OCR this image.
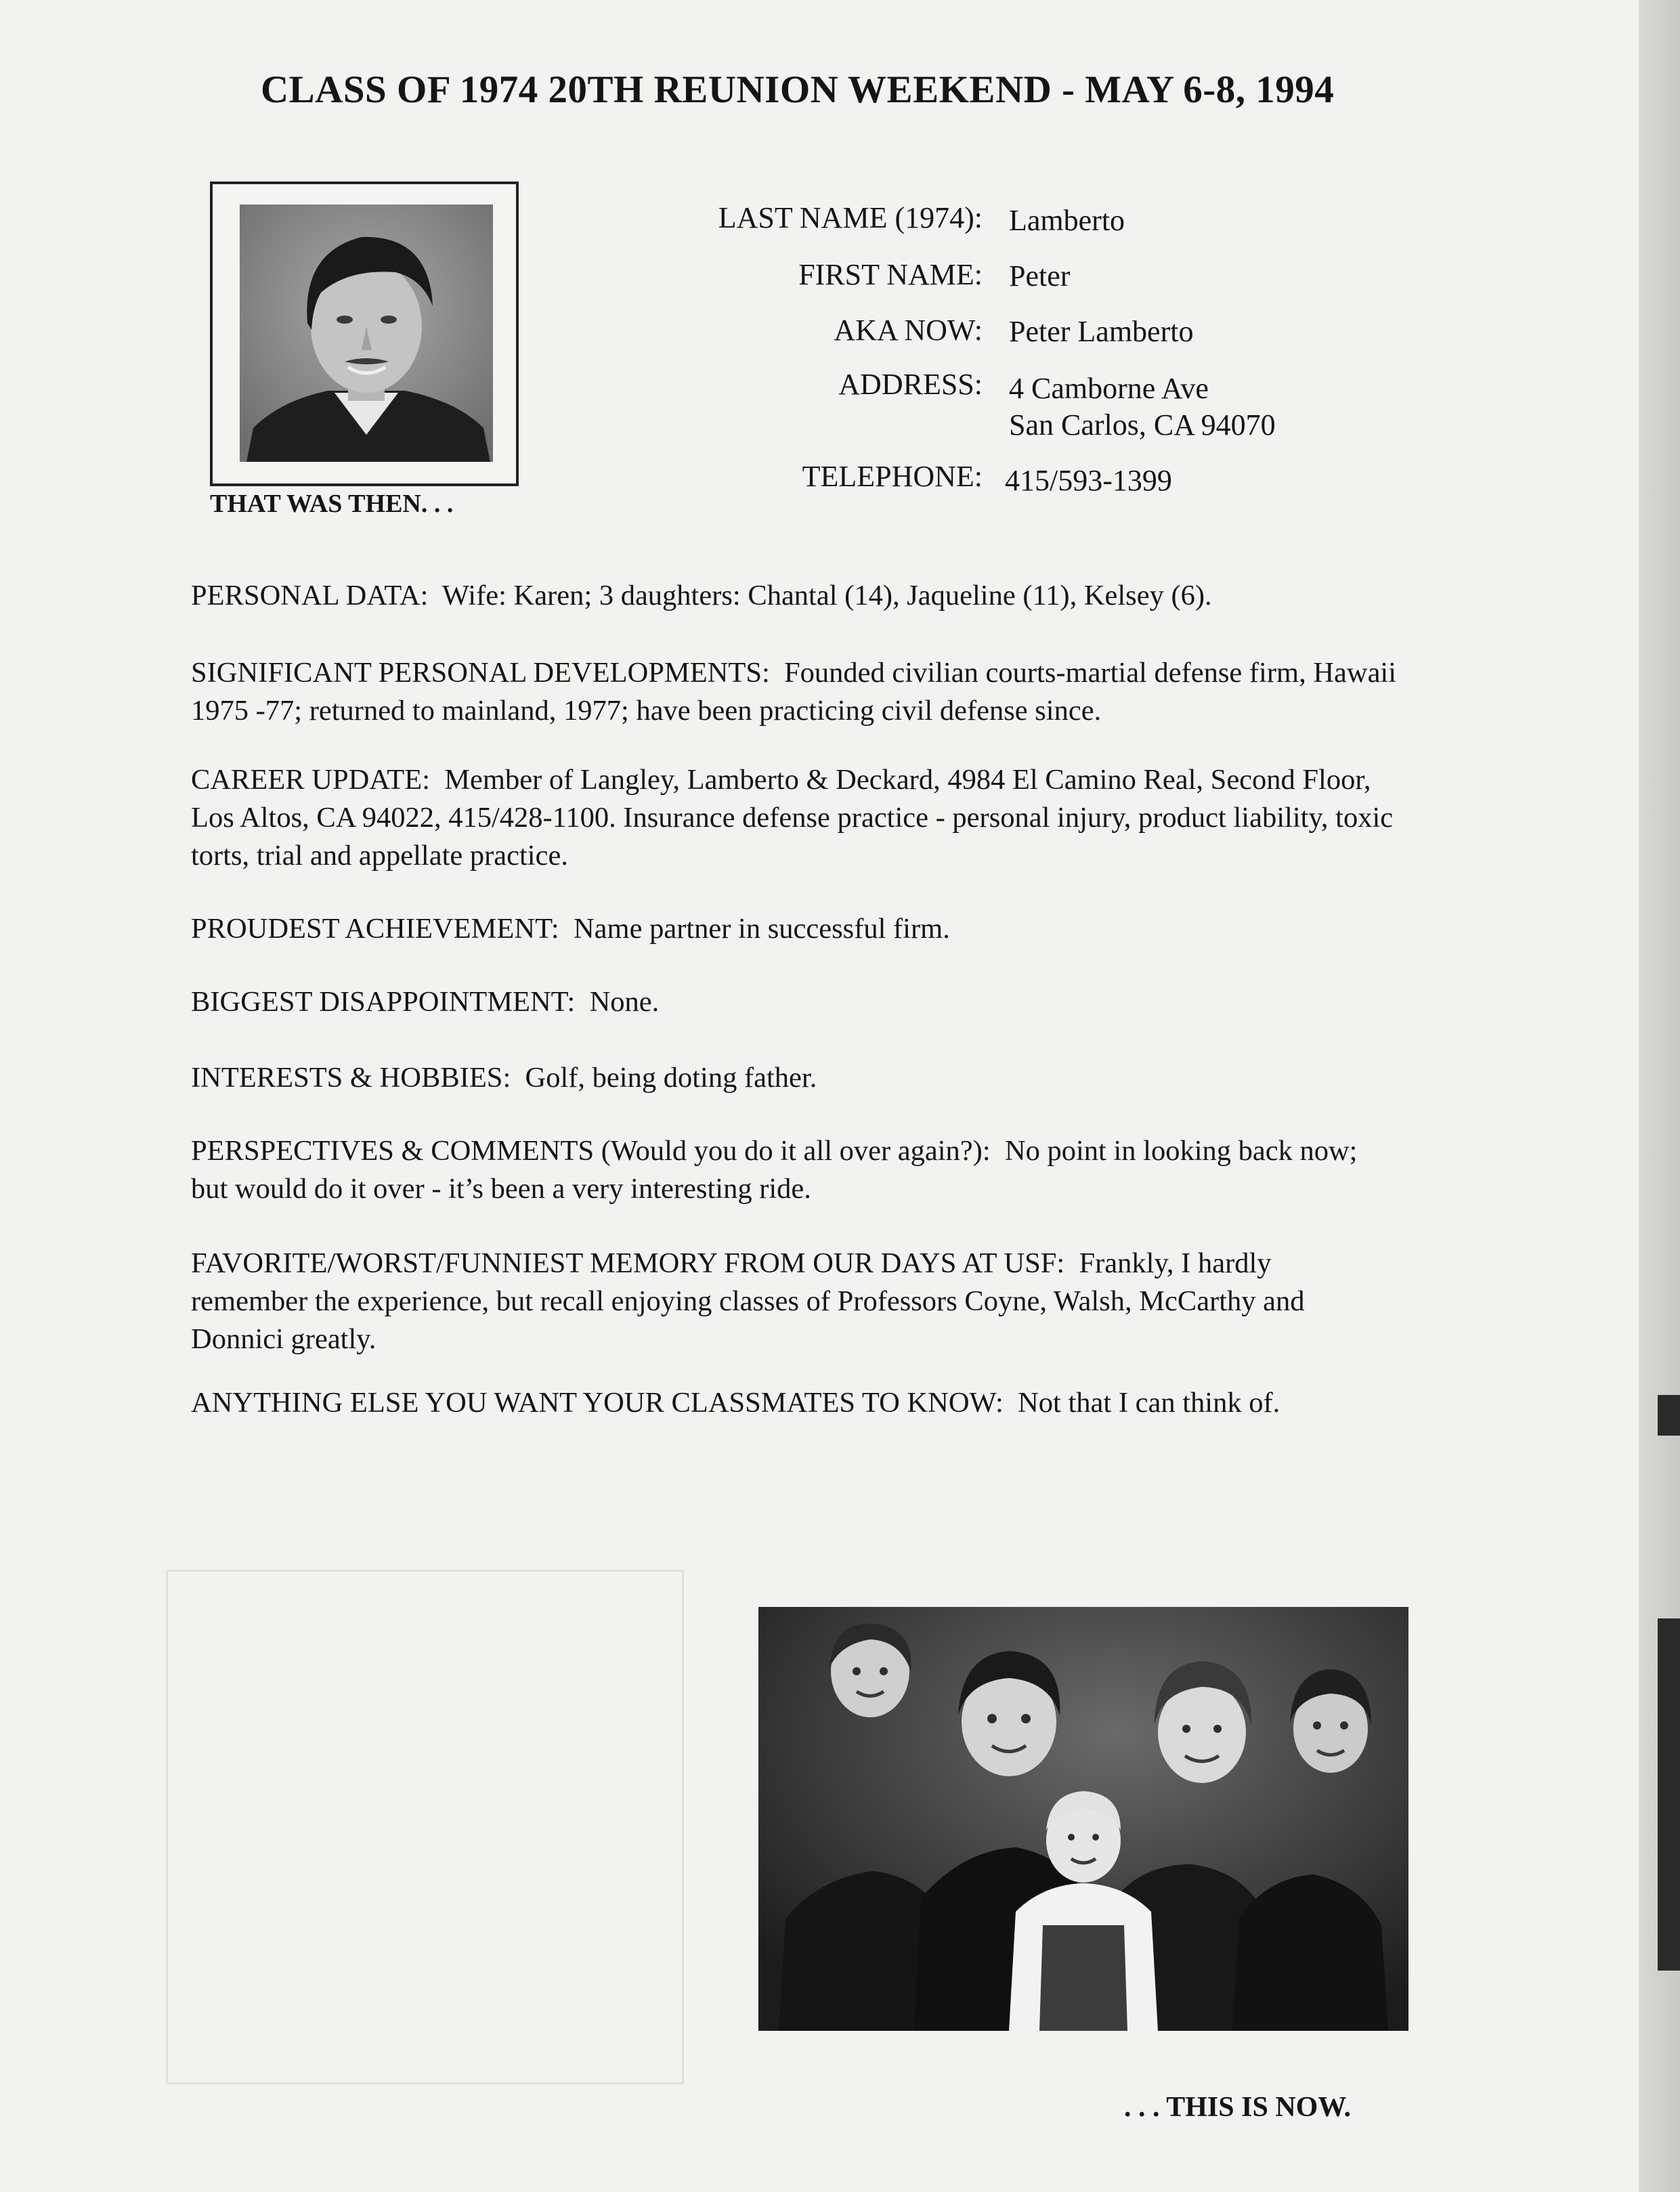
CLASS OF 1974 20TH REUNION WEEKEND - MAY 6-8, 1994
THAT WAS THEN. . .
LAST NAME (1974): Lamberto
FIRST NAME: Peter
AKA NOW: Peter Lamberto
ADDRESS: 4 Camborne Ave
San Carlos, CA 94070
TELEPHONE: 415/593-1399
PERSONAL DATA: Wife: Karen; 3 daughters: Chantal (14), Jaqueline (11), Kelsey (6).
SIGNIFICANT PERSONAL DEVELOPMENTS: Founded civilian courts-martial defense firm, Hawaii 1975 -77; returned to mainland, 1977; have been practicing civil defense since.
CAREER UPDATE: Member of Langley, Lamberto & Deckard, 4984 El Camino Real, Second Floor, Los Altos, CA 94022, 415/428-1100. Insurance defense practice - personal injury, product liability, toxic torts, trial and appellate practice.
PROUDEST ACHIEVEMENT: Name partner in successful firm.
BIGGEST DISAPPOINTMENT: None.
INTERESTS & HOBBIES: Golf, being doting father.
PERSPECTIVES & COMMENTS (Would you do it all over again?): No point in looking back now; but would do it over - it’s been a very interesting ride.
FAVORITE/WORST/FUNNIEST MEMORY FROM OUR DAYS AT USF: Frankly, I hardly remember the experience, but recall enjoying classes of Professors Coyne, Walsh, McCarthy and Donnici greatly.
ANYTHING ELSE YOU WANT YOUR CLASSMATES TO KNOW: Not that I can think of.
. . . THIS IS NOW.
